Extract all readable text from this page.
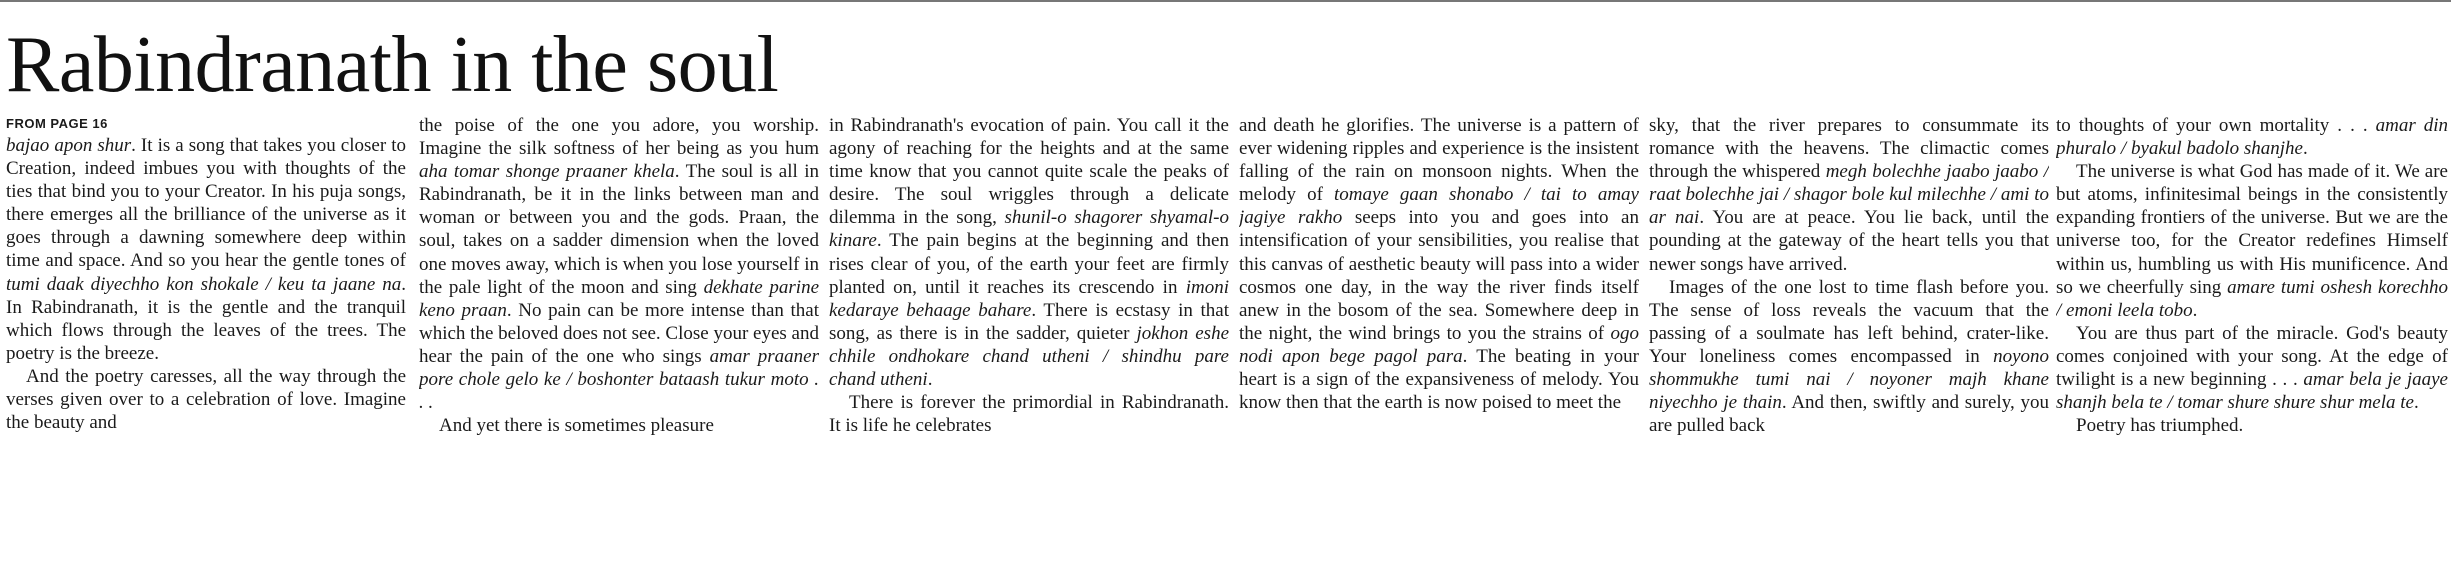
Rabindranath in the soul
FROM PAGE 16

bajao apon shur. It is a song that takes you closer to Creation, indeed imbues you with thoughts of the ties that bind you to your Creator. In his puja songs, there emerges all the brilliance of the universe as it goes through a dawning somewhere deep within time and space. And so you hear the gentle tones of tumi daak diyechho kon shokale / keu ta jaane na. In Rabindranath, it is the gentle and the tranquil which flows through the leaves of the trees. The poetry is the breeze.

And the poetry caresses, all the way through the verses given over to a celebration of love. Imagine the beauty and

the poise of the one you adore, you worship. Imagine the silk softness of her being as you hum aha tomar shonge praaner khela. The soul is all in Rabindranath, be it in the links between man and woman or between you and the gods. Praan, the soul, takes on a sadder dimension when the loved one moves away, which is when you lose yourself in the pale light of the moon and sing dekhate parine keno praan. No pain can be more intense than that which the beloved does not see. Close your eyes and hear the pain of the one who sings amar praaner pore chole gelo ke / boshonter bataash tukur moto . . .

And yet there is sometimes pleasure

in Rabindranath's evocation of pain. You call it the agony of reaching for the heights and at the same time know that you cannot quite scale the peaks of desire. The soul wriggles through a delicate dilemma in the song, shunil-o shagorer shyamal-o kinare. The pain begins at the beginning and then rises clear of you, of the earth your feet are firmly planted on, until it reaches its crescendo in imoni kedaraye behaage bahare. There is ecstasy in that song, as there is in the sadder, quieter jokhon eshe chhile ondhokare chand utheni / shindhu pare chand utheni.

There is forever the primordial in Rabindranath. It is life he celebrates

and death he glorifies. The universe is a pattern of ever widening ripples and experience is the insistent falling of the rain on monsoon nights. When the melody of tomaye gaan shonabo / tai to amay jagiye rakho seeps into you and goes into an intensification of your sensibilities, you realise that this canvas of aesthetic beauty will pass into a wider cosmos one day, in the way the river finds itself anew in the bosom of the sea. Somewhere deep in the night, the wind brings to you the strains of ogo nodi apon bege pagol para. The beating in your heart is a sign of the expansiveness of melody. You know then that the earth is now poised to meet the

sky, that the river prepares to consummate its romance with the heavens. The climactic comes through the whispered megh bolechhe jaabo jaabo / raat bolechhe jai / shagor bole kul milechhe / ami to ar nai. You are at peace. You lie back, until the pounding at the gateway of the heart tells you that newer songs have arrived.

Images of the one lost to time flash before you. The sense of loss reveals the vacuum that the passing of a soulmate has left behind, crater-like. Your loneliness comes encompassed in noyono shommukhe tumi nai / noyoner majh khane niyechho je thain. And then, swiftly and surely, you are pulled back

to thoughts of your own mortality . . . amar din phuralo / byakul badolo shanjhe.

The universe is what God has made of it. We are but atoms, infinitesimal beings in the consistently expanding frontiers of the universe. But we are the universe too, for the Creator redefines Himself within us, humbling us with His munificence. And so we cheerfully sing amare tumi oshesh korechho / emoni leela tobo.

You are thus part of the miracle. God's beauty comes conjoined with your song. At the edge of twilight is a new beginning . . . amar bela je jaaye shanjh bela te / tomar shure shure shur mela te.

Poetry has triumphed.
